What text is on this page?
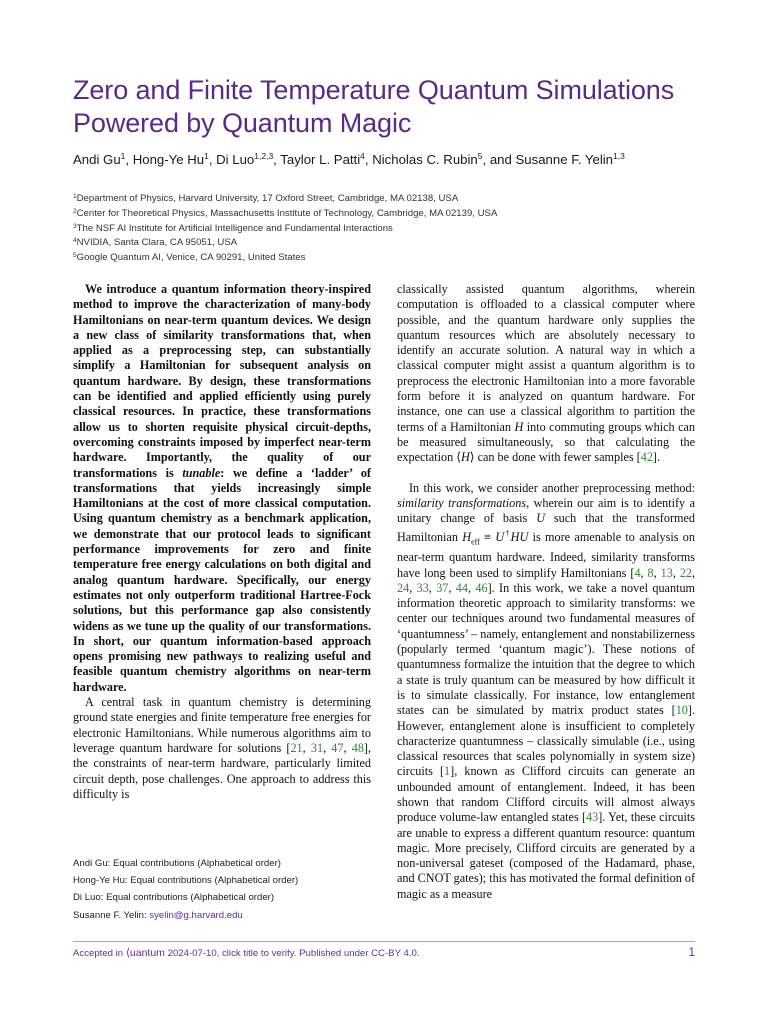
Zero and Finite Temperature Quantum Simulations Powered by Quantum Magic
Andi Gu$^1$, Hong-Ye Hu$^1$, Di Luo$^{1,2,3}$, Taylor L. Patti$^4$, Nicholas C. Rubin$^5$, and Susanne F. Yelin$^{1,3}$
$^1$Department of Physics, Harvard University, 17 Oxford Street, Cambridge, MA 02138, USA
$^2$Center for Theoretical Physics, Massachusetts Institute of Technology, Cambridge, MA 02139, USA
$^3$The NSF AI Institute for Artificial Intelligence and Fundamental Interactions
$^4$NVIDIA, Santa Clara, CA 95051, USA
$^5$Google Quantum AI, Venice, CA 90291, United States

We introduce a quantum information theory-inspired method to improve the characterization of many-body Hamiltonians on near-term quantum devices. We design a new class of similarity transformations that, when applied as a preprocessing step, can substantially simplify a Hamiltonian for subsequent analysis on quantum hardware. By design, these transformations can be identified and applied efficiently using purely classical resources. In practice, these transformations allow us to shorten requisite physical circuit-depths, overcoming constraints imposed by imperfect near-term hardware. Importantly, the quality of our transformations is tunable: we define a ‘ladder’ of transformations that yields increasingly simple Hamiltonians at the cost of more classical computation. Using quantum chemistry as a benchmark application, we demonstrate that our protocol leads to significant performance improvements for zero and finite temperature free energy calculations on both digital and analog quantum hardware. Specifically, our energy estimates not only outperform traditional Hartree-Fock solutions, but this performance gap also consistently widens as we tune up the quality of our transformations. In short, our quantum information-based approach opens promising new pathways to realizing useful and feasible quantum chemistry algorithms on near-term hardware.

A central task in quantum chemistry is determining ground state energies and finite temperature free energies for electronic Hamiltonians. While numerous algorithms aim to leverage quantum hardware for solutions [21, 31, 47, 48], the constraints of near-term hardware, particularly limited circuit depth, pose challenges. One approach to address this difficulty is

classically assisted quantum algorithms, wherein computation is offloaded to a classical computer where possible, and the quantum hardware only supplies the quantum resources which are absolutely necessary to identify an accurate solution. A natural way in which a classical computer might assist a quantum algorithm is to preprocess the electronic Hamiltonian into a more favorable form before it is analyzed on quantum hardware. For instance, one can use a classical algorithm to partition the terms of a Hamiltonian H into commuting groups which can be measured simultaneously, so that calculating the expectation ⟨H⟩ can be done with fewer samples [42].

In this work, we consider another preprocessing method: similarity transformations, wherein our aim is to identify a unitary change of basis U such that the transformed Hamiltonian $H_{eff} \equiv U^\dagger HU$ is more amenable to analysis on near-term quantum hardware. Indeed, similarity transforms have long been used to simplify Hamiltonians [4, 8, 13, 22, 24, 33, 37, 44, 46]. In this work, we take a novel quantum information theoretic approach to similarity transforms: we center our techniques around two fundamental measures of ‘quantumness’ – namely, entanglement and nonstabilizerness (popularly termed ‘quantum magic’). These notions of quantumness formalize the intuition that the degree to which a state is truly quantum can be measured by how difficult it is to simulate classically. For instance, low entanglement states can be simulated by matrix product states [10]. However, entanglement alone is insufficient to completely characterize quantumness – classically simulable (i.e., using classical resources that scales polynomially in system size) circuits [1], known as Clifford circuits can generate an unbounded amount of entanglement. Indeed, it has been shown that random Clifford circuits will almost always produce volume-law entangled states [43]. Yet, these circuits are unable to express a different quantum resource: quantum magic. More precisely, Clifford circuits are generated by a non-universal gateset (composed of the Hadamard, phase, and CNOT gates); this has motivated the formal definition of magic as a measure

Andi Gu: Equal contributions (Alphabetical order)
Hong-Ye Hu: Equal contributions (Alphabetical order)
Di Luo: Equal contributions (Alphabetical order)
Susanne F. Yelin: syelin@g.harvard.edu
Accepted in ⟨uantum 2024-07-10, click title to verify. Published under CC-BY 4.0.	1
